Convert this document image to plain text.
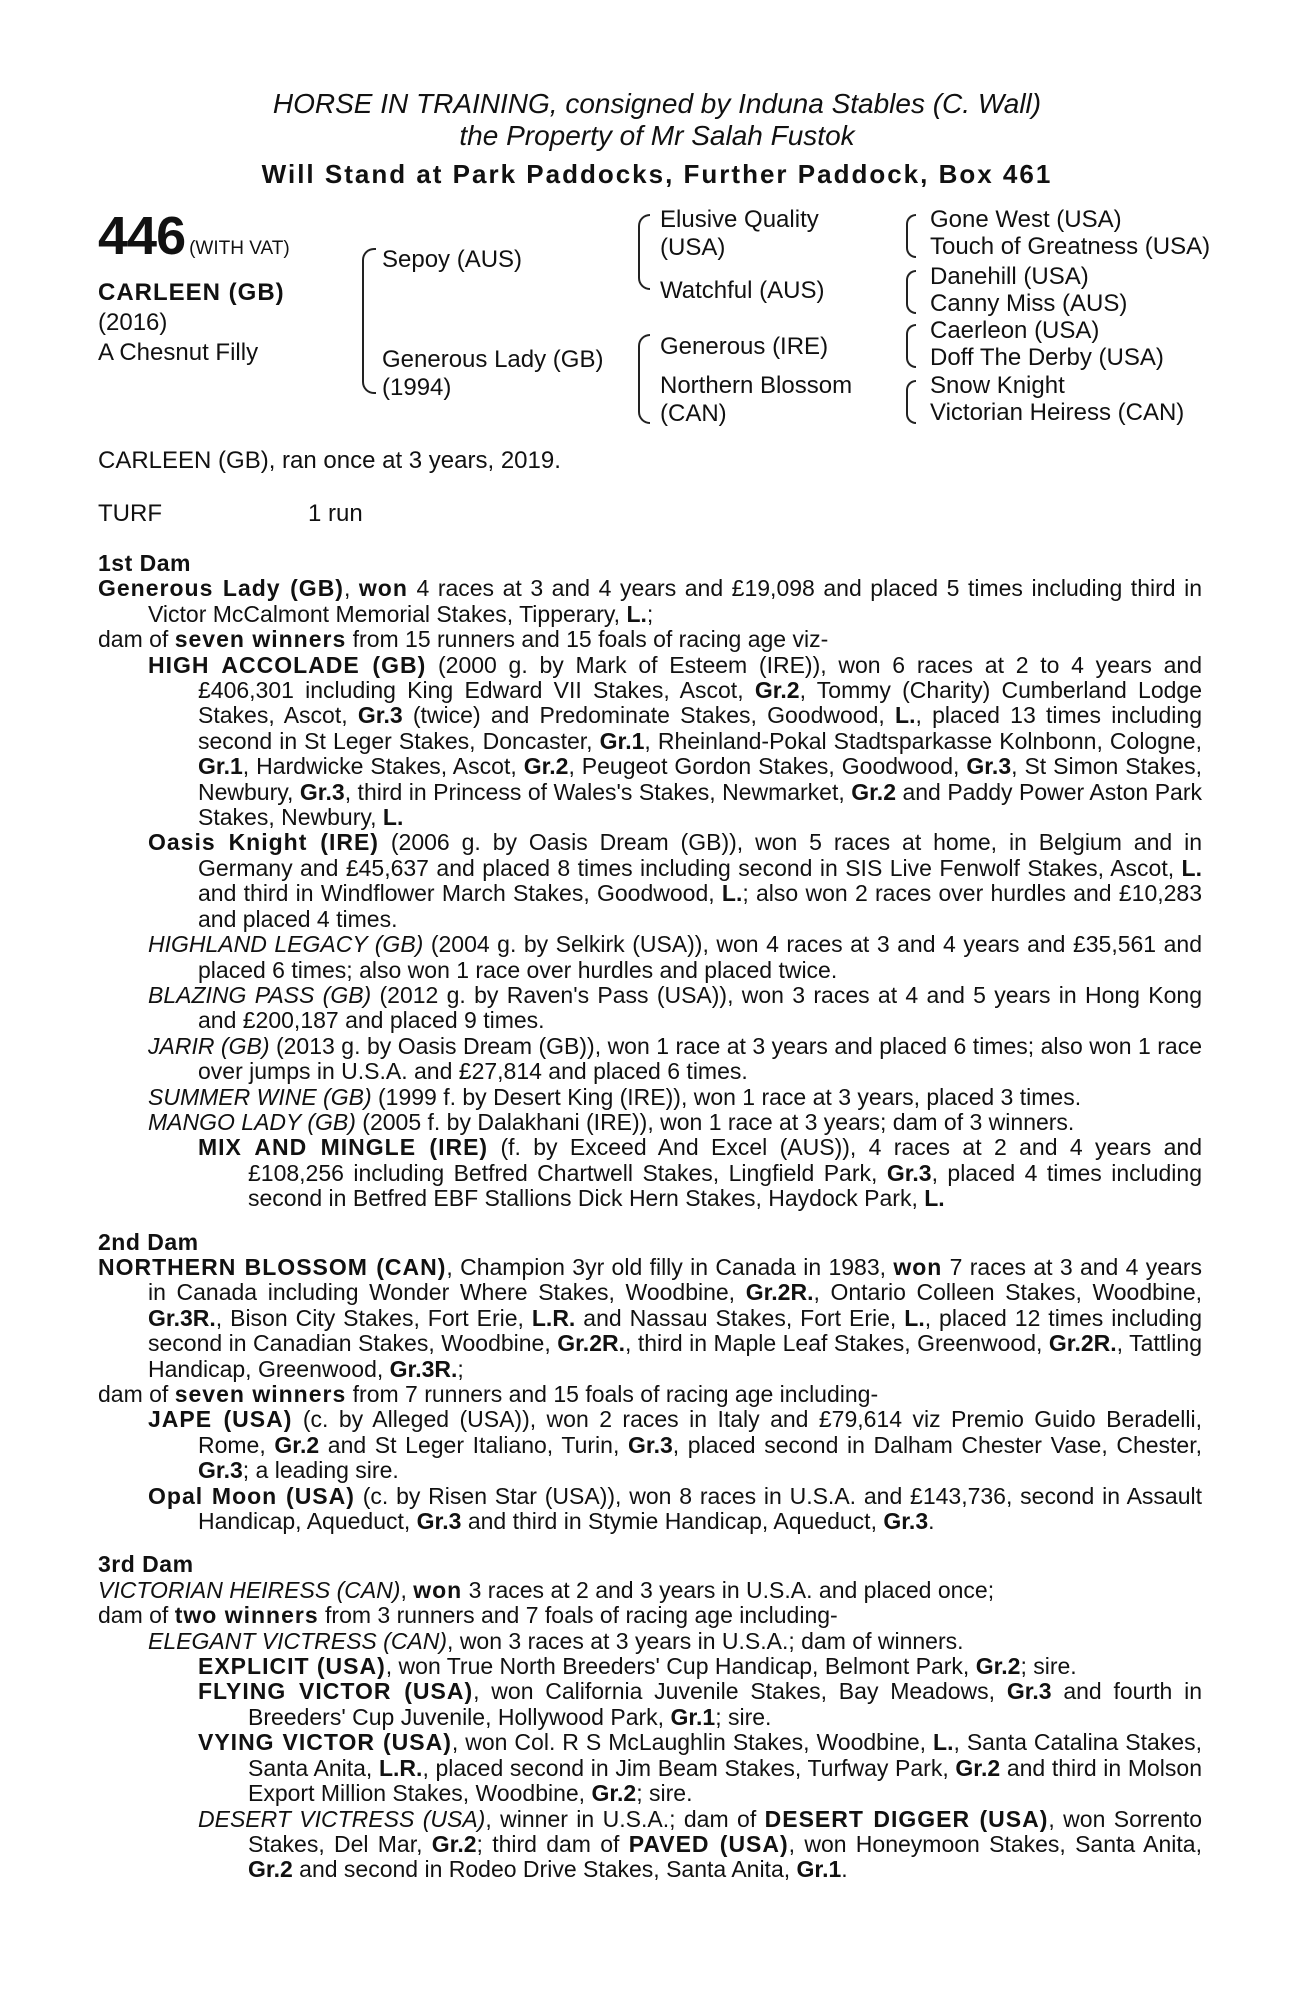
HORSE IN TRAINING, consigned by Induna Stables (C. Wall)
the Property of Mr Salah Fustok
Will Stand at Park Paddocks, Further Paddock, Box 461
446 (WITH VAT)
CARLEEN (GB)
(2016)
A Chesnut Filly
Sepoy (AUS)
Generous Lady (GB)
(1994)
Elusive Quality
(USA)
Watchful (AUS)
Generous (IRE)
Northern Blossom
(CAN)
Gone West (USA)
Touch of Greatness (USA)
Danehill (USA)
Canny Miss (AUS)
Caerleon (USA)
Doff The Derby (USA)
Snow Knight
Victorian Heiress (CAN)
CARLEEN (GB), ran once at 3 years, 2019.
TURF	1 run
1st Dam

Generous Lady (GB), won 4 races at 3 and 4 years and £19,098 and placed 5 times including third in Victor McCalmont Memorial Stakes, Tipperary, L.;

dam of seven winners from 15 runners and 15 foals of racing age viz-

HIGH ACCOLADE (GB) (2000 g. by Mark of Esteem (IRE)), won 6 races at 2 to 4 years and £406,301 including King Edward VII Stakes, Ascot, Gr.2, Tommy (Charity) Cumberland Lodge Stakes, Ascot, Gr.3 (twice) and Predominate Stakes, Goodwood, L., placed 13 times including second in St Leger Stakes, Doncaster, Gr.1, Rheinland-Pokal Stadtsparkasse Kolnbonn, Cologne, Gr.1, Hardwicke Stakes, Ascot, Gr.2, Peugeot Gordon Stakes, Goodwood, Gr.3, St Simon Stakes, Newbury, Gr.3, third in Princess of Wales's Stakes, Newmarket, Gr.2 and Paddy Power Aston Park Stakes, Newbury, L.

Oasis Knight (IRE) (2006 g. by Oasis Dream (GB)), won 5 races at home, in Belgium and in Germany and £45,637 and placed 8 times including second in SIS Live Fenwolf Stakes, Ascot, L. and third in Windflower March Stakes, Goodwood, L.; also won 2 races over hurdles and £10,283 and placed 4 times.

HIGHLAND LEGACY (GB) (2004 g. by Selkirk (USA)), won 4 races at 3 and 4 years and £35,561 and placed 6 times; also won 1 race over hurdles and placed twice.

BLAZING PASS (GB) (2012 g. by Raven's Pass (USA)), won 3 races at 4 and 5 years in Hong Kong and £200,187 and placed 9 times.

JARIR (GB) (2013 g. by Oasis Dream (GB)), won 1 race at 3 years and placed 6 times; also won 1 race over jumps in U.S.A. and £27,814 and placed 6 times.

SUMMER WINE (GB) (1999 f. by Desert King (IRE)), won 1 race at 3 years, placed 3 times.

MANGO LADY (GB) (2005 f. by Dalakhani (IRE)), won 1 race at 3 years; dam of 3 winners.

MIX AND MINGLE (IRE) (f. by Exceed And Excel (AUS)), 4 races at 2 and 4 years and £108,256 including Betfred Chartwell Stakes, Lingfield Park, Gr.3, placed 4 times including second in Betfred EBF Stallions Dick Hern Stakes, Haydock Park, L.

2nd Dam

NORTHERN BLOSSOM (CAN), Champion 3yr old filly in Canada in 1983, won 7 races at 3 and 4 years in Canada including Wonder Where Stakes, Woodbine, Gr.2R., Ontario Colleen Stakes, Woodbine, Gr.3R., Bison City Stakes, Fort Erie, L.R. and Nassau Stakes, Fort Erie, L., placed 12 times including second in Canadian Stakes, Woodbine, Gr.2R., third in Maple Leaf Stakes, Greenwood, Gr.2R., Tattling Handicap, Greenwood, Gr.3R.;

dam of seven winners from 7 runners and 15 foals of racing age including-

JAPE (USA) (c. by Alleged (USA)), won 2 races in Italy and £79,614 viz Premio Guido Beradelli, Rome, Gr.2 and St Leger Italiano, Turin, Gr.3, placed second in Dalham Chester Vase, Chester, Gr.3; a leading sire.

Opal Moon (USA) (c. by Risen Star (USA)), won 8 races in U.S.A. and £143,736, second in Assault Handicap, Aqueduct, Gr.3 and third in Stymie Handicap, Aqueduct, Gr.3.

3rd Dam

VICTORIAN HEIRESS (CAN), won 3 races at 2 and 3 years in U.S.A. and placed once;

dam of two winners from 3 runners and 7 foals of racing age including-

ELEGANT VICTRESS (CAN), won 3 races at 3 years in U.S.A.; dam of winners.

EXPLICIT (USA), won True North Breeders' Cup Handicap, Belmont Park, Gr.2; sire.

FLYING VICTOR (USA), won California Juvenile Stakes, Bay Meadows, Gr.3 and fourth in Breeders' Cup Juvenile, Hollywood Park, Gr.1; sire.

VYING VICTOR (USA), won Col. R S McLaughlin Stakes, Woodbine, L., Santa Catalina Stakes, Santa Anita, L.R., placed second in Jim Beam Stakes, Turfway Park, Gr.2 and third in Molson Export Million Stakes, Woodbine, Gr.2; sire.

DESERT VICTRESS (USA), winner in U.S.A.; dam of DESERT DIGGER (USA), won Sorrento Stakes, Del Mar, Gr.2; third dam of PAVED (USA), won Honeymoon Stakes, Santa Anita, Gr.2 and second in Rodeo Drive Stakes, Santa Anita, Gr.1.
